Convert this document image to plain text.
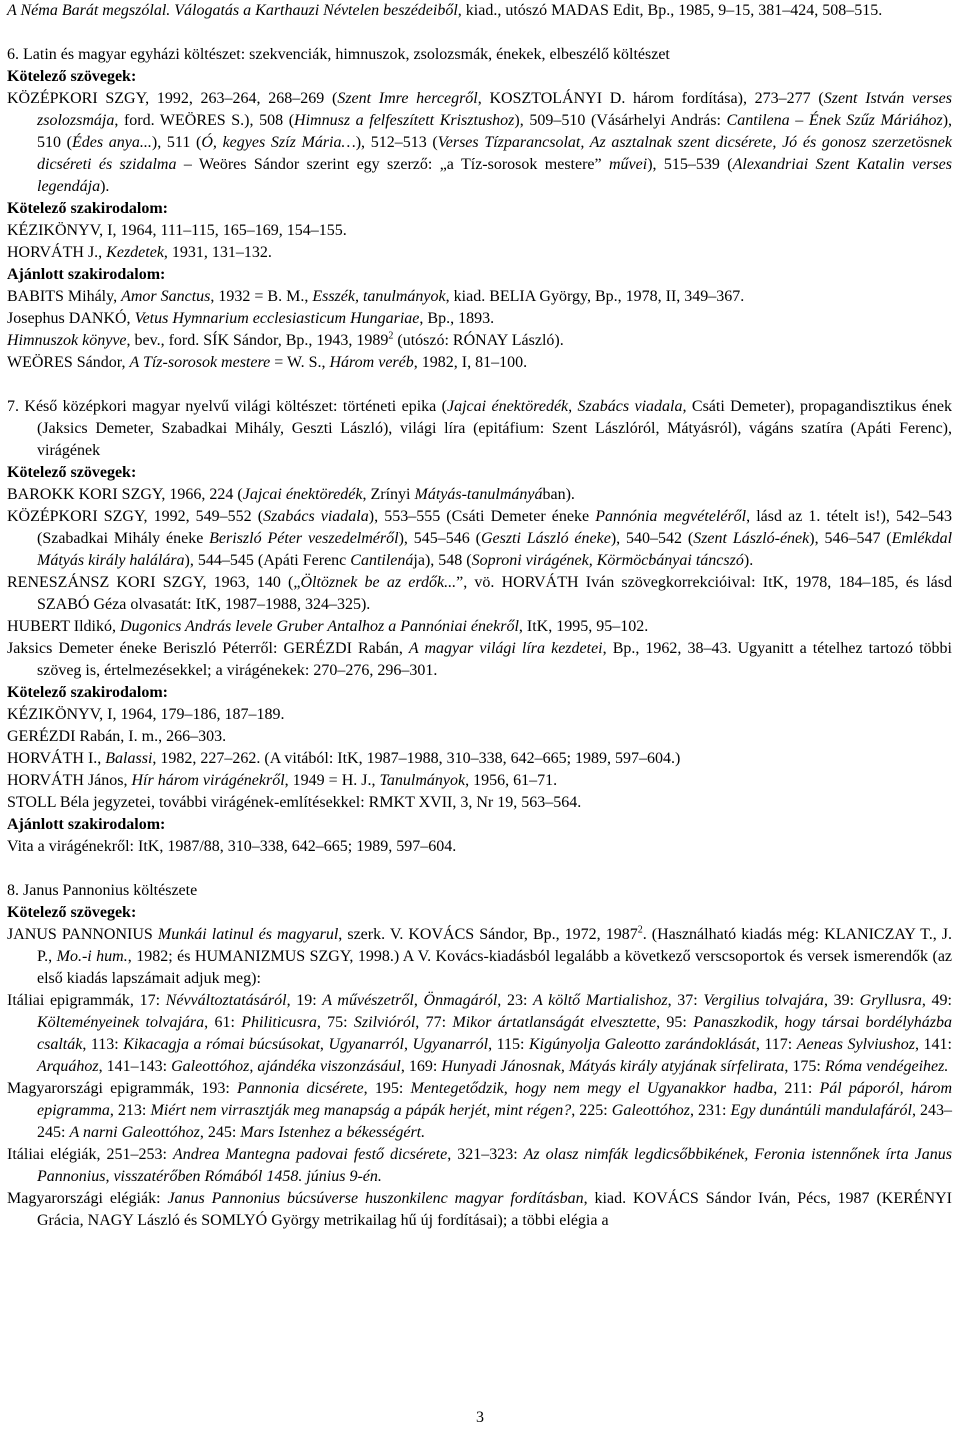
A Néma Barát megszólal. Válogatás a Karthauzi Névtelen beszédeiből, kiad., utószó MADAS Edit, Bp., 1985, 9–15, 381–424, 508–515.

6. Latin és magyar egyházi költészet: szekvenciák, himnuszok, zsolozsmák, énekek, elbeszélő költészet

Kötelező szövegek:

KÖZÉPKORI SZGY, 1992, 263–264, 268–269 (Szent Imre hercegről, KOSZTOLÁNYI D. három fordítása), 273–277 (Szent István verses zsolozsmája, ford. WEÖRES S.), 508 (Himnusz a felfeszített Krisztushoz), 509–510 (Vásárhelyi András: Cantilena – Ének Szűz Máriához), 510 (Édes anya...), 511 (Ó, kegyes Szíz Mária…), 512–513 (Verses Tízparancsolat, Az asztalnak szent dicsérete, Jó és gonosz szerzetösnek dicséreti és szidalma – Weöres Sándor szerint egy szerző: „a Tíz-sorosok mestere” művei), 515–539 (Alexandriai Szent Katalin verses legendája).

Kötelező szakirodalom:

KÉZIKÖNYV, I, 1964, 111–115, 165–169, 154–155.

HORVÁTH J., Kezdetek, 1931, 131–132.

Ajánlott szakirodalom:

BABITS Mihály, Amor Sanctus, 1932 = B. M., Esszék, tanulmányok, kiad. BELIA György, Bp., 1978, II, 349–367.

Josephus DANKÓ, Vetus Hymnarium ecclesiasticum Hungariae, Bp., 1893.

Himnuszok könyve, bev., ford. SÍK Sándor, Bp., 1943, 1989$^2$ (utószó: RÓNAY László).

WEÖRES Sándor, A Tíz-sorosok mestere = W. S., Három veréb, 1982, I, 81–100.

7. Késő középkori magyar nyelvű világi költészet: történeti epika (Jajcai énektöredék, Szabács viadala, Csáti Demeter), propagandisztikus ének (Jaksics Demeter, Szabadkai Mihály, Geszti László), világi líra (epitáfium: Szent Lászlóról, Mátyásról), vágáns szatíra (Apáti Ferenc), virágének

Kötelező szövegek:

BAROKK KORI SZGY, 1966, 224 (Jajcai énektöredék, Zrínyi Mátyás-tanulmányában).

KÖZÉPKORI SZGY, 1992, 549–552 (Szabács viadala), 553–555 (Csáti Demeter éneke Pannónia megvételéről, lásd az 1. tételt is!), 542–543 (Szabadkai Mihály éneke Beriszló Péter veszedelméről), 545–546 (Geszti László éneke), 540–542 (Szent László-ének), 546–547 (Emlékdal Mátyás király halálára), 544–545 (Apáti Ferenc Cantilenája), 548 (Soproni virágének, Körmöcbányai táncszó).

RENESZÁNSZ KORI SZGY, 1963, 140 („Öltöznek be az erdők...”, vö. HORVÁTH Iván szövegkorrekcióival: ItK, 1978, 184–185, és lásd SZABÓ Géza olvasatát: ItK, 1987–1988, 324–325).

HUBERT Ildikó, Dugonics András levele Gruber Antalhoz a Pannóniai énekről, ItK, 1995, 95–102.

Jaksics Demeter éneke Beriszló Péterről: GERÉZDI Rabán, A magyar világi líra kezdetei, Bp., 1962, 38–43. Ugyanitt a tételhez tartozó többi szöveg is, értelmezésekkel; a virágénekek: 270–276, 296–301.

Kötelező szakirodalom:

KÉZIKÖNYV, I, 1964, 179–186, 187–189.

GERÉZDI Rabán, I. m., 266–303.

HORVÁTH I., Balassi, 1982, 227–262. (A vitából: ItK, 1987–1988, 310–338, 642–665; 1989, 597–604.)

HORVÁTH János, Hír három virágénekről, 1949 = H. J., Tanulmányok, 1956, 61–71.

STOLL Béla jegyzetei, további virágének-említésekkel: RMKT XVII, 3, Nr 19, 563–564.

Ajánlott szakirodalom:

Vita a virágénekről: ItK, 1987/88, 310–338, 642–665; 1989, 597–604.

8. Janus Pannonius költészete

Kötelező szövegek:

JANUS PANNONIUS Munkái latinul és magyarul, szerk. V. KOVÁCS Sándor, Bp., 1972, 1987$^2$. (Használható kiadás még: KLANICZAY T., J. P., Mo.-i hum., 1982; és HUMANIZMUS SZGY, 1998.) A V. Kovács-kiadásból legalább a következő verscsoportok és versek ismerendők (az első kiadás lapszámait adjuk meg):

Itáliai epigrammák, 17: Névváltoztatásáról, 19: A művészetről, Önmagáról, 23: A költő Martialishoz, 37: Vergilius tolvajára, 39: Gryllusra, 49: Költeményeinek tolvajára, 61: Philiticusra, 75: Szilvióról, 77: Mikor ártatlanságát elvesztette, 95: Panaszkodik, hogy társai bordélyházba csalták, 113: Kikacagja a római búcsúsokat, Ugyanarról, Ugyanarról, 115: Kigúnyolja Galeotto zarándoklását, 117: Aeneas Sylviushoz, 141: Arquához, 141–143: Galeottóhoz, ajándéka viszonzásául, 169: Hunyadi Jánosnak, Mátyás király atyjának sírfelirata, 175: Róma vendégeihez.

Magyarországi epigrammák, 193: Pannonia dicsérete, 195: Mentegetődzik, hogy nem megy el Ugyanakkor hadba, 211: Pál páporól, három epigramma, 213: Miért nem virrasztják meg manapság a pápák herjét, mint régen?, 225: Galeottóhoz, 231: Egy dunántúli mandulafáról, 243–245: A narni Galeottóhoz, 245: Mars Istenhez a békességért.

Itáliai elégiák, 251–253: Andrea Mantegna padovai festő dicsérete, 321–323: Az olasz nimfák legdicsőbbikének, Feronia istennőnek írta Janus Pannonius, visszatérőben Rómából 1458. június 9-én.

Magyarországi elégiák: Janus Pannonius búcsúverse huszonkilenc magyar fordításban, kiad. KOVÁCS Sándor Iván, Pécs, 1987 (KERÉNYI Grácia, NAGY László és SOMLYÓ György metrikailag hű új fordításai); a többi elégia a

3
